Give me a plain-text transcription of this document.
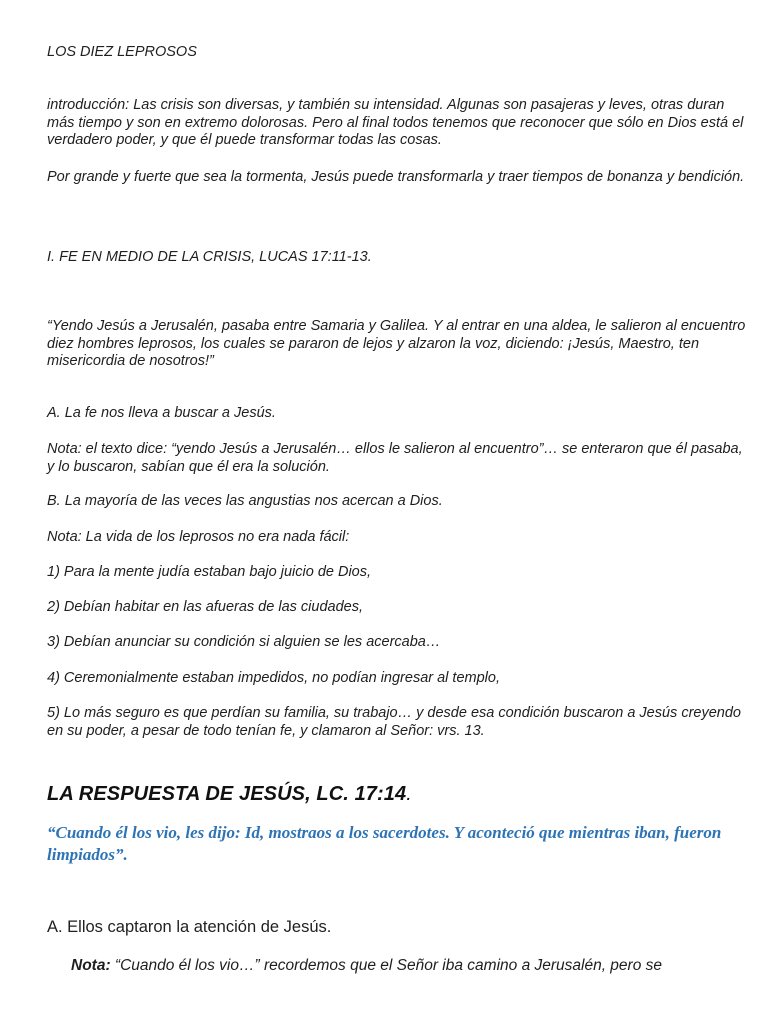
LOS DIEZ LEPROSOS

introducción: Las crisis son diversas, y también su intensidad. Algunas son pasajeras y leves, otras duran más tiempo y son en extremo dolorosas. Pero al final todos tenemos que reconocer que sólo en Dios está el verdadero poder, y que él puede transformar todas las cosas.

Por grande y fuerte que sea la tormenta, Jesús puede transformarla y traer tiempos de bonanza y bendición.

I. FE EN MEDIO DE LA CRISIS, LUCAS 17:11-13.

“Yendo Jesús a Jerusalén, pasaba entre Samaria y Galilea. Y al entrar en una aldea, le salieron al encuentro diez hombres leprosos, los cuales se pararon de lejos y alzaron la voz, diciendo: ¡Jesús, Maestro, ten misericordia de nosotros!”

A. La fe nos lleva a buscar a Jesús.

Nota: el texto dice: “yendo Jesús a Jerusalén… ellos le salieron al encuentro”… se enteraron que él pasaba, y lo buscaron, sabían que él era la solución.

B. La mayoría de las veces las angustias nos acercan a Dios.

Nota: La vida de los leprosos no era nada fácil:

1) Para la mente judía estaban bajo juicio de Dios,

2) Debían habitar en las afueras de las ciudades,

3) Debían anunciar su condición si alguien se les acercaba…

4) Ceremonialmente estaban impedidos, no podían ingresar al templo,

5) Lo más seguro es que perdían su familia, su trabajo… y desde esa condición buscaron a Jesús creyendo en su poder, a pesar de todo tenían fe, y clamaron al Señor: vrs. 13.

LA RESPUESTA DE JESÚS, LC. 17:14.

“Cuando él los vio, les dijo: Id, mostraos a los sacerdotes. Y aconteció que mientras iban, fueron limpiados”.

A. Ellos captaron la atención de Jesús.

Nota: “Cuando él los vio…” recordemos que el Señor iba camino a Jerusalén, pero se
